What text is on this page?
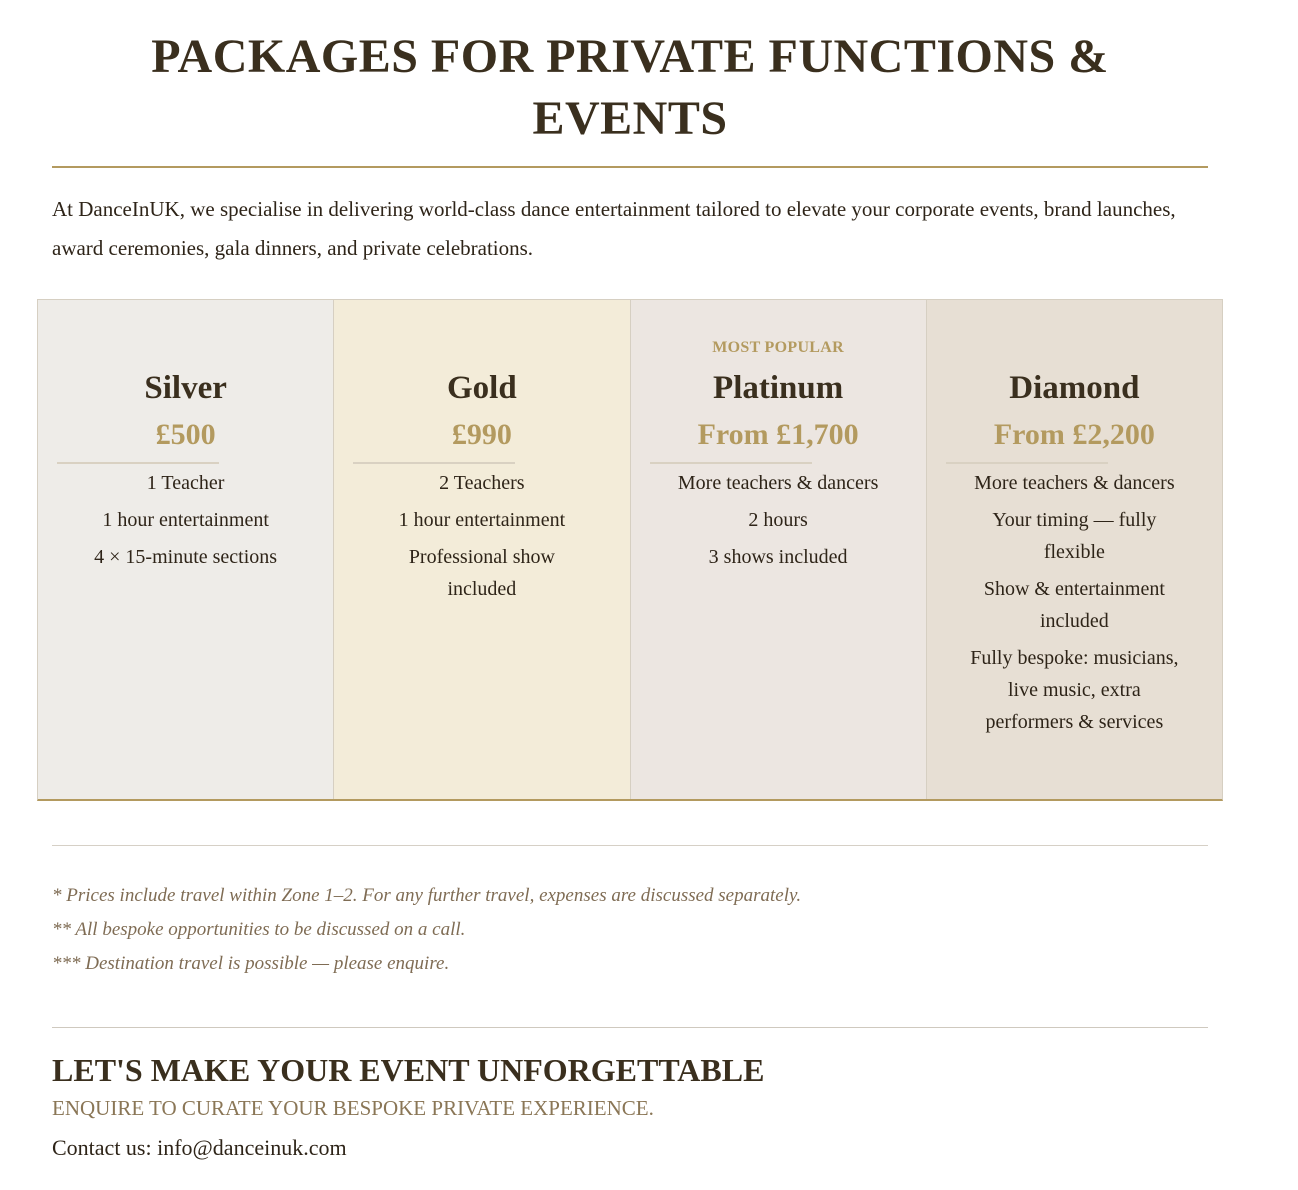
PACKAGES FOR PRIVATE FUNCTIONS &
EVENTS

At DanceInUK, we specialise in delivering world-class dance entertainment tailored to elevate your corporate events, brand launches, award ceremonies, gala dinners, and private celebrations.

Silver
£500
1 Teacher
1 hour entertainment
4 × 15-minute sections
Gold
£990
2 Teachers
1 hour entertainment
Professional show included
MOST POPULAR
Platinum
From £1,700
More teachers & dancers
2 hours
3 shows included
Diamond
From £2,200
More teachers & dancers
Your timing — fully flexible
Show & entertainment included
Fully bespoke: musicians, live music, extra performers & services

* Prices include travel within Zone 1–2. For any further travel, expenses are discussed separately.

** All bespoke opportunities to be discussed on a call.

*** Destination travel is possible — please enquire.

LET'S MAKE YOUR EVENT UNFORGETTABLE
ENQUIRE TO CURATE YOUR BESPOKE PRIVATE EXPERIENCE.
Contact us: info@danceinuk.com
